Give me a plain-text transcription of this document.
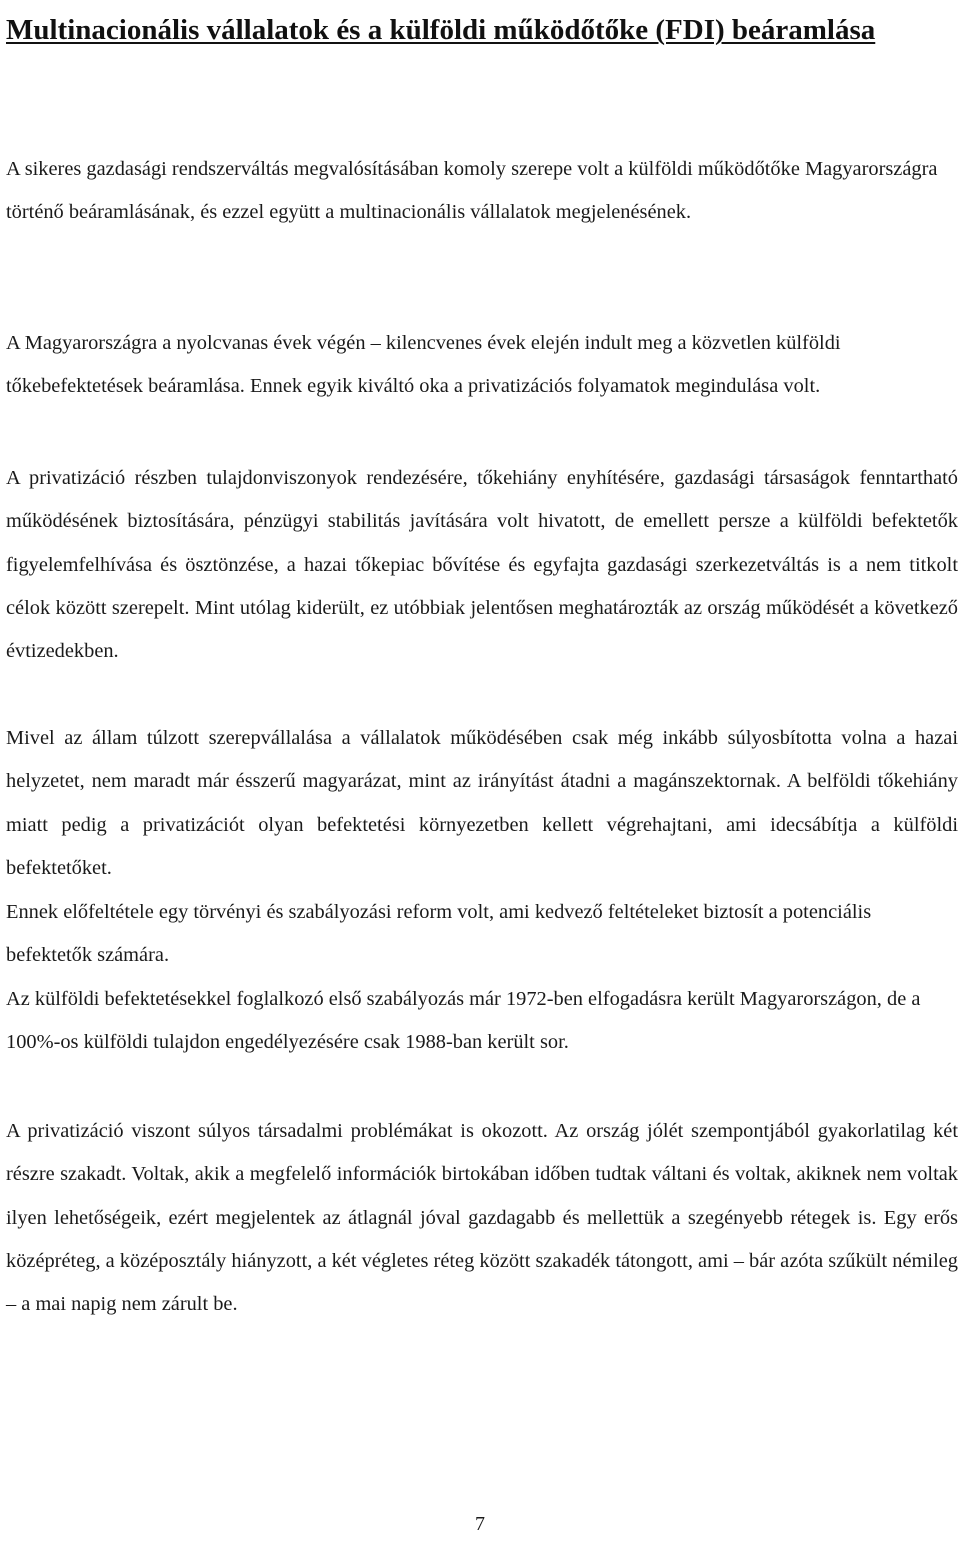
Multinacionális vállalatok és a külföldi működőtőke (FDI) beáramlása

A sikeres gazdasági rendszerváltás megvalósításában komoly szerepe volt a külföldi működőtőke Magyarországra történő beáramlásának, és ezzel együtt a multinacionális vállalatok megjelenésének.

A Magyarországra a nyolcvanas évek végén – kilencvenes évek elején indult meg a közvetlen külföldi tőkebefektetések beáramlása. Ennek egyik kiváltó oka a privatizációs folyamatok megindulása volt.

A privatizáció részben tulajdonviszonyok rendezésére, tőkehiány enyhítésére, gazdasági társaságok fenntartható működésének biztosítására, pénzügyi stabilitás javítására volt hivatott, de emellett persze a külföldi befektetők figyelemfelhívása és ösztönzése, a hazai tőkepiac bővítése és egyfajta gazdasági szerkezetváltás is a nem titkolt célok között szerepelt. Mint utólag kiderült, ez utóbbiak jelentősen meghatározták az ország működését a következő évtizedekben.

Mivel az állam túlzott szerepvállalása a vállalatok működésében csak még inkább súlyosbította volna a hazai helyzetet, nem maradt már ésszerű magyarázat, mint az irányítást átadni a magánszektornak. A belföldi tőkehiány miatt pedig a privatizációt olyan befektetési környezetben kellett végrehajtani, ami idecsábítja a külföldi befektetőket.

Ennek előfeltétele egy törvényi és szabályozási reform volt, ami kedvező feltételeket biztosít a potenciális befektetők számára.

Az külföldi befektetésekkel foglalkozó első szabályozás már 1972-ben elfogadásra került Magyarországon, de a 100%-os külföldi tulajdon engedélyezésére csak 1988-ban került sor.

A privatizáció viszont súlyos társadalmi problémákat is okozott. Az ország jólét szempontjából gyakorlatilag két részre szakadt. Voltak, akik a megfelelő információk birtokában időben tudtak váltani és voltak, akiknek nem voltak ilyen lehetőségeik, ezért megjelentek az átlagnál jóval gazdagabb és mellettük a szegényebb rétegek is. Egy erős középréteg, a középosztály hiányzott, a két végletes réteg között szakadék tátongott, ami – bár azóta szűkült némileg – a mai napig nem zárult be.

7
